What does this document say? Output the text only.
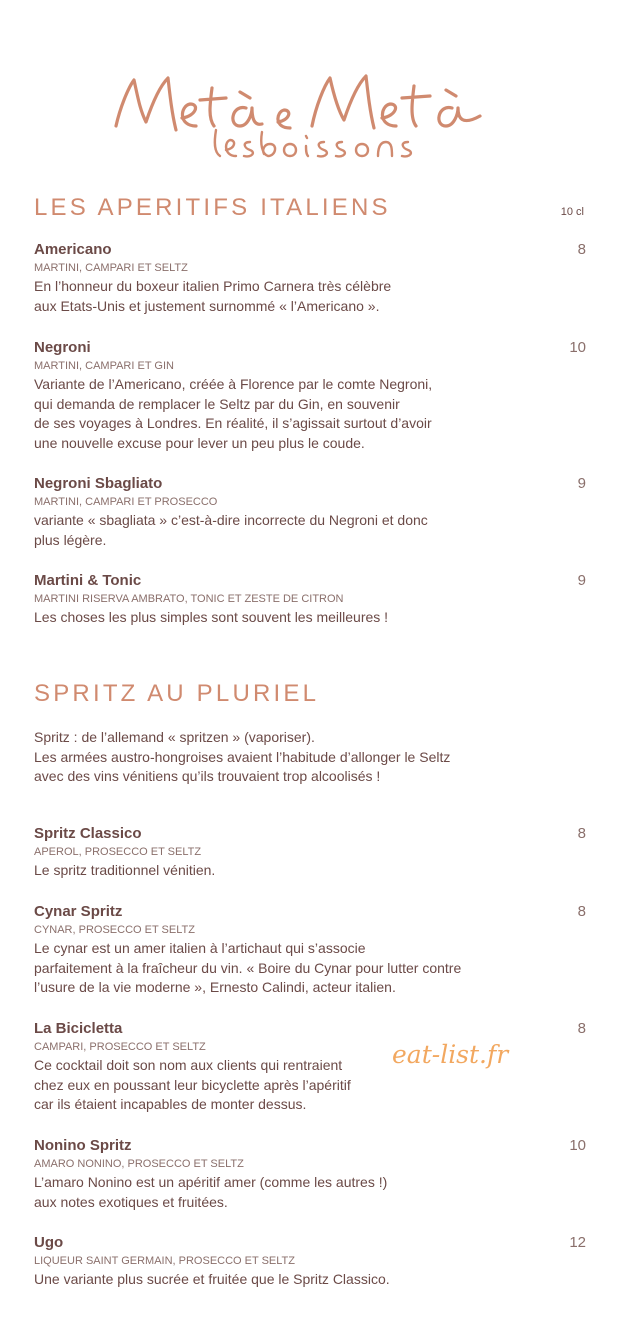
LES APERITIFS ITALIENS	10 cl
Americano	8
MARTINI, CAMPARI ET SELTZ
En l’honneur du boxeur italien Primo Carnera très célèbre
aux Etats-Unis et justement surnommé « l’Americano ».
Negroni	10
MARTINI, CAMPARI ET GIN
Variante de l’Americano, créée à Florence par le comte Negroni,
qui demanda de remplacer le Seltz par du Gin, en souvenir
de ses voyages à Londres. En réalité, il s’agissait surtout d’avoir
une nouvelle excuse pour lever un peu plus le coude.
Negroni Sbagliato	9
MARTINI, CAMPARI ET PROSECCO
variante « sbagliata » c’est-à-dire incorrecte du Negroni et donc
plus légère.
Martini & Tonic	9
MARTINI RISERVA AMBRATO, TONIC ET ZESTE DE CITRON
Les choses les plus simples sont souvent les meilleures !
SPRITZ AU PLURIEL
Spritz : de l’allemand « spritzen » (vaporiser).
Les armées austro-hongroises avaient l’habitude d’allonger le Seltz
avec des vins vénitiens qu’ils trouvaient trop alcoolisés !
Spritz Classico	8
APEROL, PROSECCO ET SELTZ
Le spritz traditionnel vénitien.
Cynar Spritz	8
CYNAR, PROSECCO ET SELTZ
Le cynar est un amer italien à l’artichaut qui s’associe
parfaitement à la fraîcheur du vin. « Boire du Cynar pour lutter contre
l’usure de la vie moderne », Ernesto Calindi, acteur italien.
La Bicicletta	8
CAMPARI, PROSECCO ET SELTZ
Ce cocktail doit son nom aux clients qui rentraient
chez eux en poussant leur bicyclette après l’apéritif
car ils étaient incapables de monter dessus.
Nonino Spritz	10
AMARO NONINO, PROSECCO ET SELTZ
L’amaro Nonino est un apéritif amer (comme les autres !)
aux notes exotiques et fruitées.
Ugo	12
LIQUEUR SAINT GERMAIN, PROSECCO ET SELTZ
Une variante plus sucrée et fruitée que le Spritz Classico.
eat-list.fr
